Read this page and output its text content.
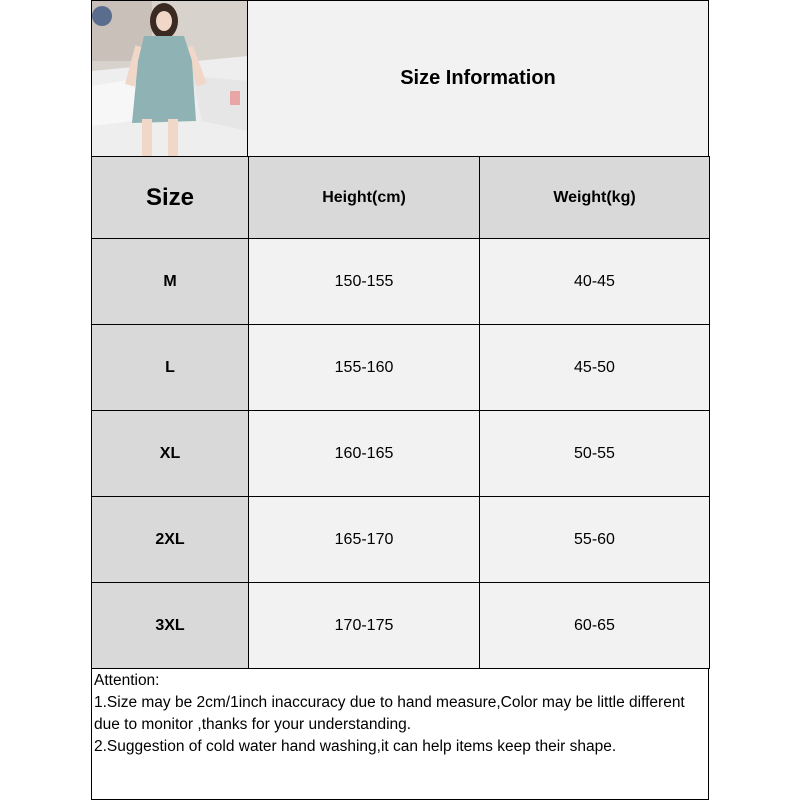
Size Information
Size	Height(cm)	Weight(kg)
M	150-155	40-45
L	155-160	45-50
XL	160-165	50-55
2XL	165-170	55-60
3XL	170-175	60-65
Attention:
1.Size may be 2cm/1inch inaccuracy due to hand measure,Color may be little different due to monitor ,thanks for your understanding.
2.Suggestion of cold water hand washing,it can help items keep their shape.
